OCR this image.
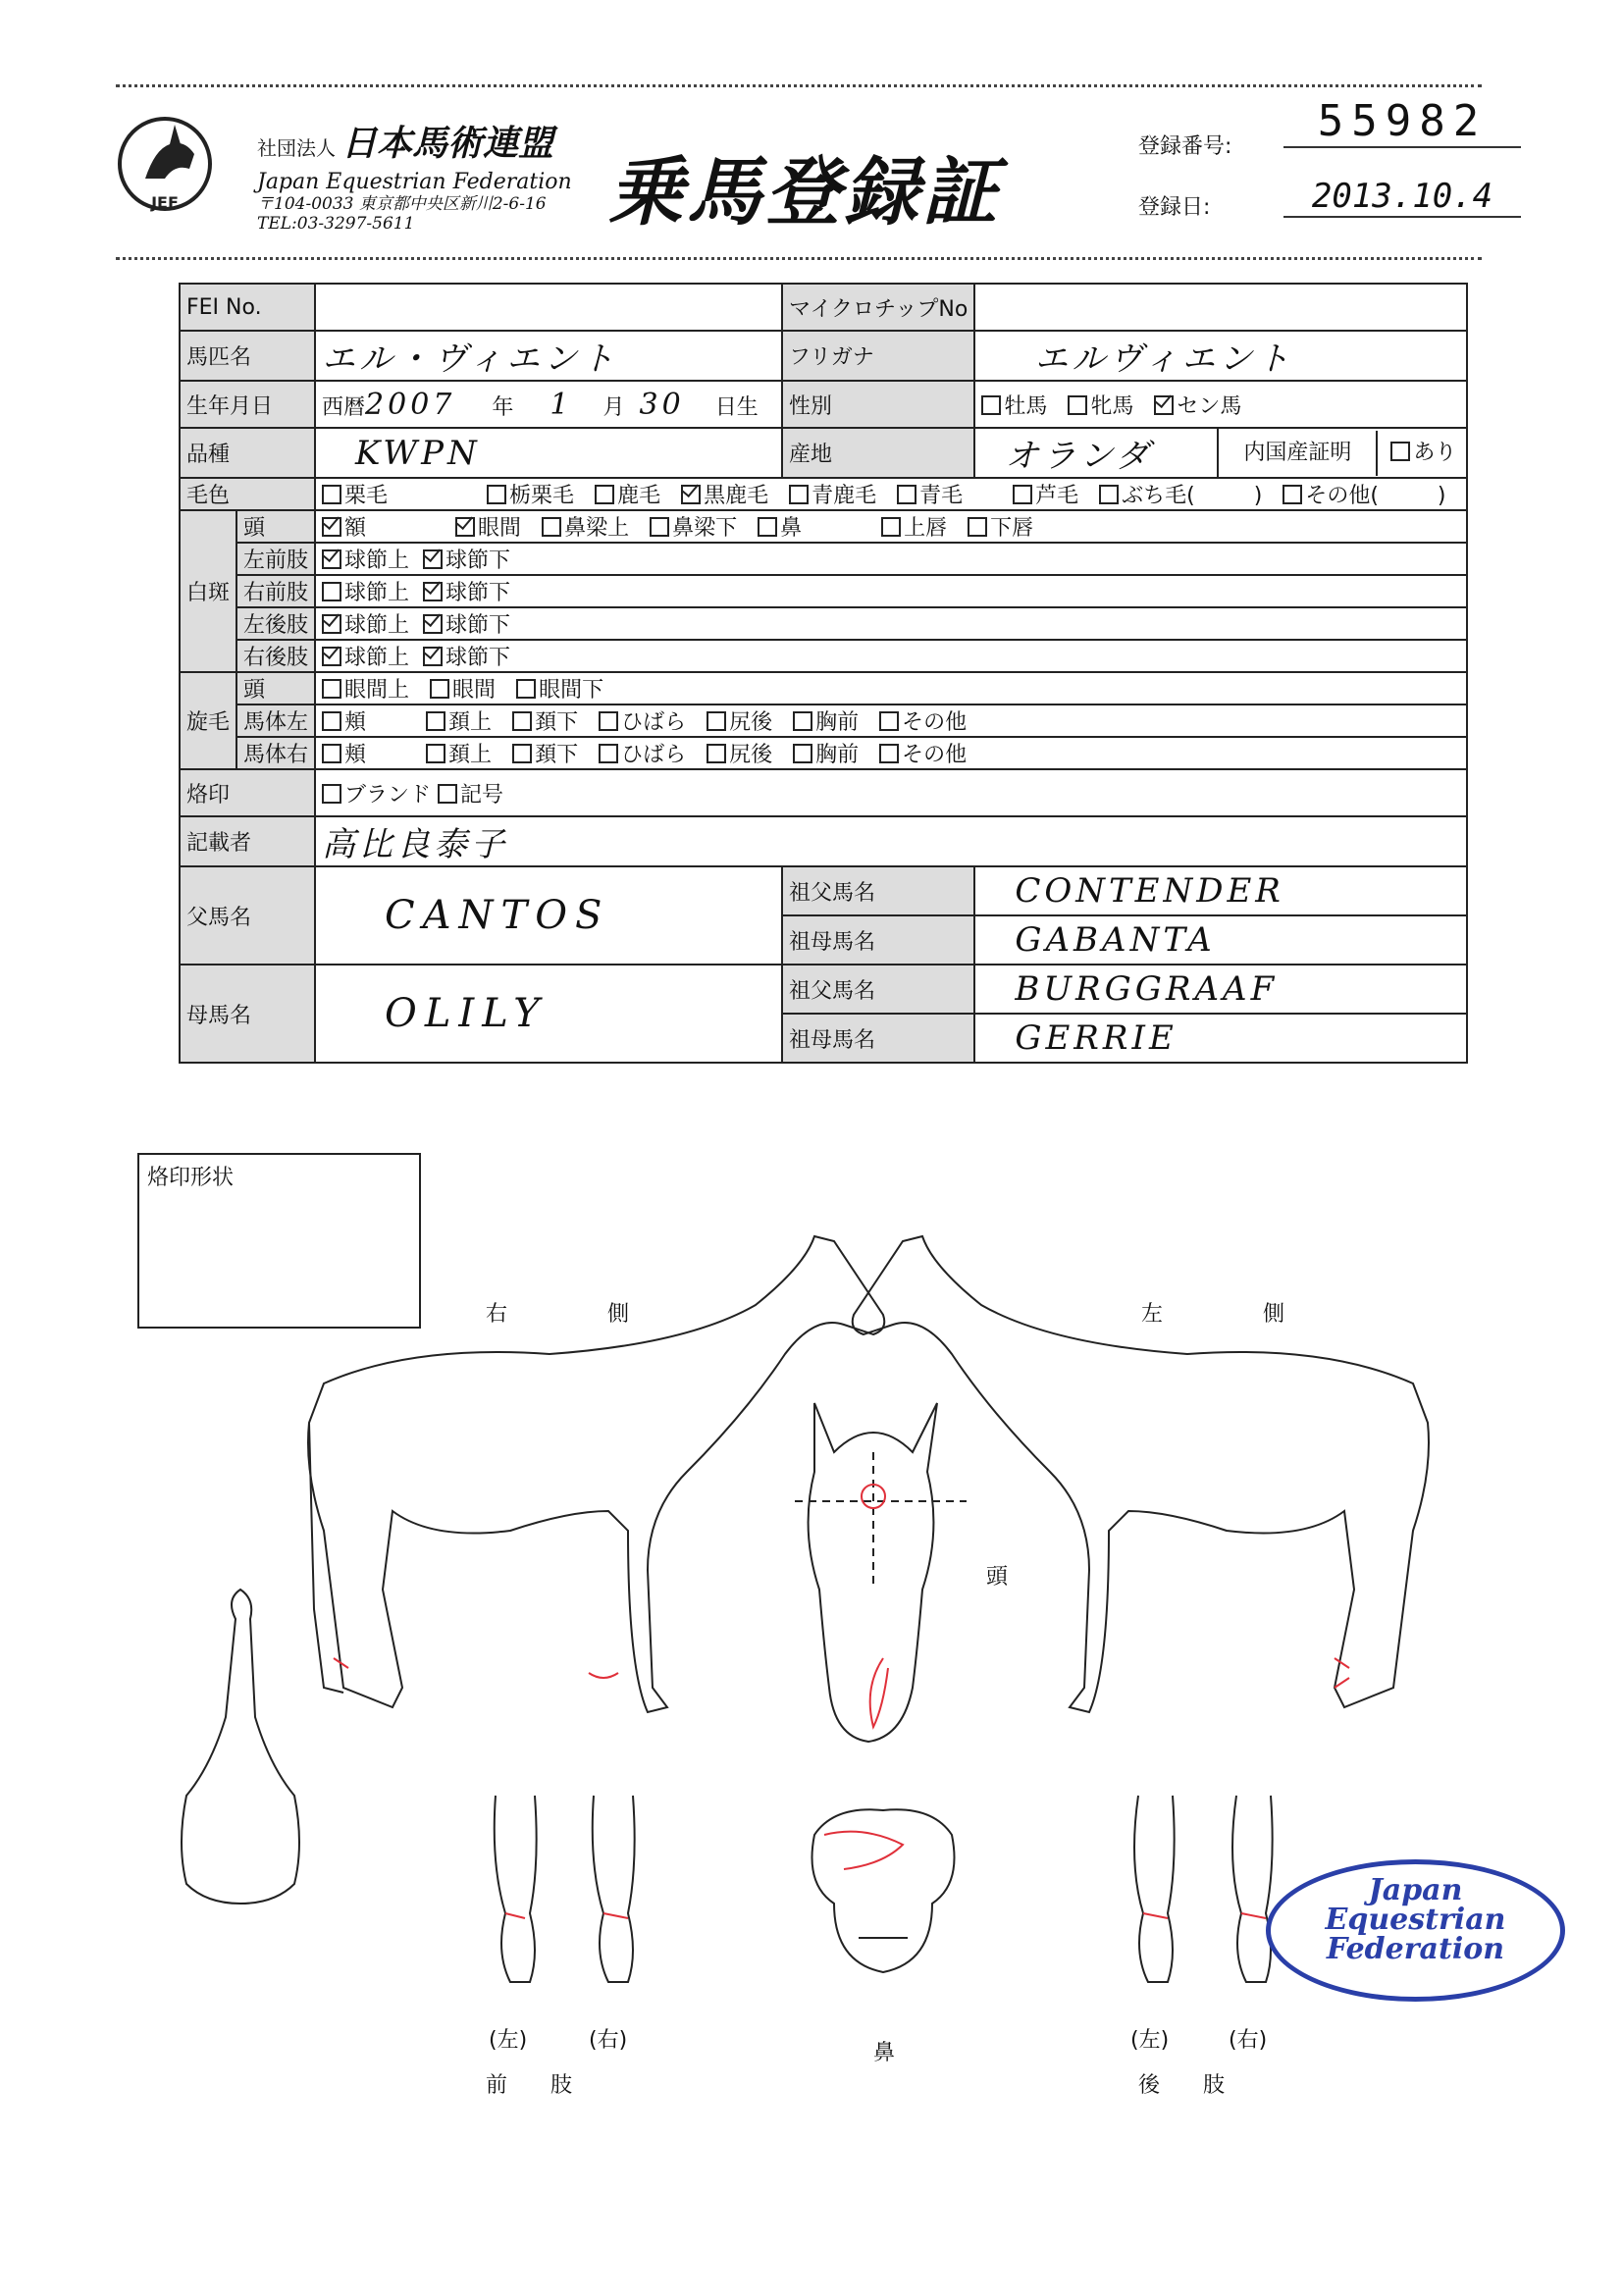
JEF
社団法人 日本馬術連盟
Japan Equestrian Federation
〒104-0033 東京都中央区新川2-6-16
TEL:03-3297-5611	乗馬登録証
登録番号:
55982
登録日:	2013.10.4
FEI No.			マイクロチップNo		
馬匹名		エル・ヴィエント	フリガナ	エルヴィエント	
生年月日		西暦2007 年 1 月 30 日生	性別	牡馬 牝馬 セン馬	
品種		KWPN	産地	オランダ	内国産証明 あり
毛色		栗毛 栃栗毛 鹿毛 黒鹿毛 青鹿毛 青毛 芦毛 ぶち毛( ) その他( )			
白斑	頭	額 眼間 鼻梁上 鼻梁下 鼻 上唇 下唇			
	左前肢	球節上 球節下			
	右前肢	球節上 球節下			
	左後肢	球節上 球節下			
	右後肢	球節上 球節下			
旋毛	頭	眼間上 眼間 眼間下			
	馬体左	頬 頚上 頚下 ひばら 尻後 胸前 その他			
	馬体右	頬 頚上 頚下 ひばら 尻後 胸前 その他			
烙印		ブランド 記号			
記載者		高比良泰子			
父馬名		CANTOS	祖父馬名	CONTENDER	
			祖母馬名	GABANTA	
母馬名		OLILY	祖父馬名	BURGGRAAF	
			祖母馬名	GERRIE	
烙印形状
右　側	左　側
頭
鼻
(左)	(右)
前　　肢
(左)	(右)
後　　肢
Japan
Equestrian
Federation
